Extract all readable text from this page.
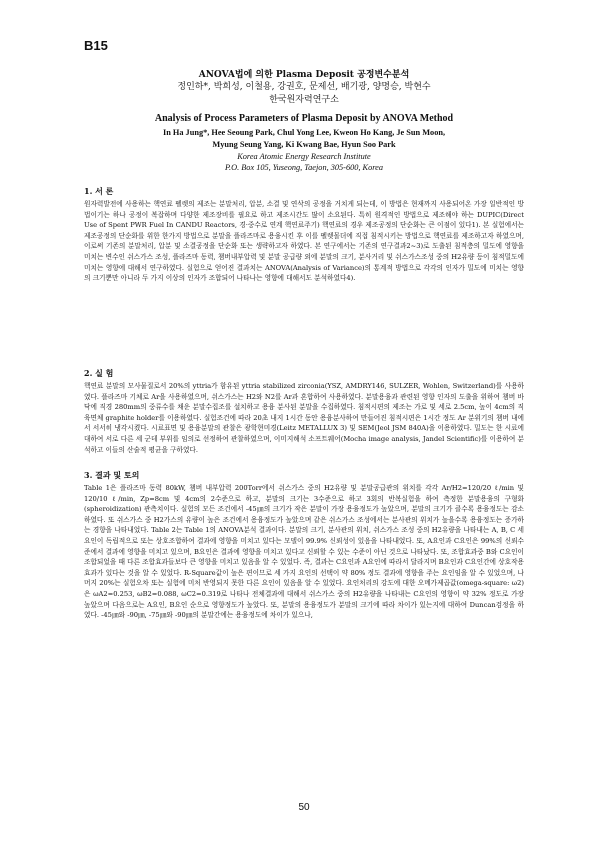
B15
ANOVA법에 의한 Plasma Deposit 공정변수분석
정인하*, 박희성, 이철용, 강권호, 문제선, 배기광, 양명승, 박현수
한국원자력연구소
Analysis of Process Parameters of Plasma Deposit by ANOVA Method
In Ha Jung*, Hee Seoung Park, Chul Yong Lee, Kweon Ho Kang, Je Sun Moon,
Myung Seung Yang, Ki Kwang Bae, Hyun Soo Park
Korea Atomic Energy Research Institute
P.O. Box 105, Yuseong, Taejon, 305-600, Korea
1. 서 론
원자력발전에 사용하는 핵연료 펠렛의 제조는 분말처리, 압분, 소결 및 연삭의 공정을 거치게 되는데, 이 방법은 현재까지 사용되어온 가장 일반적인 방법이기는 하나 공정이 복잡하며 다양한 제조장비를 필요로 하고 제조시간도 많이 소요된다. 특히 원격적인 방법으로 제조해야 하는 DUPIC(Direct Use of Spent PWR Fuel In CANDU Reactors, 경·중수로 연계 핵연료주기) 핵연료의 경우 제조공정의 단순화는 큰 이점이 있다1). 본 실험에서는 제조공정의 단순화를 위한 한가지 방법으로 분말을 플라즈마로 용융시킨 후 이를 펠렛몰더에 직접 침적시키는 방법으로 핵연료를 제조하고자 하였으며, 이로써 기존의 분말처리, 압분 및 소결공정을 단순화 또는 생략하고자 하였다. 본 연구에서는 기존의 연구결과2~3)로 도출된 침적층의 밀도에 영향을 미치는 변수인 쉬스가스 조성, 플라즈마 동력, 챔버내부압력 및 분말 공급량 외에 분말의 크기, 분사거리 및 쉬스가스조성 중의 H2유량 등이 침적밀도에 미치는 영향에 대해서 연구하였다. 실험으로 얻어진 결과치는 ANOVA(Analysis of Variance)의 통계적 방법으로 각각의 인자가 밀도에 미치는 영향의 크기뿐만 아니라 두 가지 이상의 인자가 조합되어 나타나는 영향에 대해서도 분석하였다4).
2. 실 험
핵연료 분말의 모사물질로서 20%의 yttria가 함유된 yttria stabilized zirconia(YSZ, AMDRY146, SULZER, Wohlen, Switzerland)를 사용하였다. 플라즈마 기체로 Ar을 사용하였으며, 쉬스가스는 H2와 N2를 Ar과 혼합하여 사용하였다. 분말용융과 관련된 영향 인자의 도출을 위하여 챔버 바닥에 직경 280mm의 중류수를 채운 분말수집조를 설치하고 용융 분사된 분말을 수집하였다. 침적시편의 제조는 가로 및 세로 2.5cm, 높이 4cm의 직육면체 graphite holder를 이용하였다. 실험조건에 따라 20초 내지 1시간 동안 용융분사하여 만들어진 침적시편은 1시간 정도 Ar 분위기의 챔버 내에서 서서히 냉각시켰다. 시료표면 및 용융분말의 관찰은 광학현미경(Leitz METALLUX 3) 및 SEM(Jeol JSM 840A)을 이용하였다. 밀도는 한 시료에 대하여 서로 다른 세 군데 부위를 임의로 선정하여 관찰하였으며, 이미지해석 소프트웨어(Mocha image analysis, Jandel Scientific)를 이용하여 분석하고 이들의 산술적 평균을 구하였다.
3. 결과 및 토의
Table 1은 플라즈마 동력 80kW, 챔버 내부압력 200Torr에서 쉬스가스 중의 H2유량 및 분말공급관의 위치를 각각 Ar/H2=120/20 ℓ/min 및 120/10 ℓ/min, Zp=8cm 및 4cm의 2수준으로 하고, 분말의 크기는 3수준으로 하고 3회의 반복실험을 하여 측정한 분말용융의 구형화(spheroidization) 관측치이다. 실험의 모든 조건에서 -45㎛의 크기가 작은 분말이 가장 용융정도가 높았으며, 분말의 크기가 클수록 용융정도는 감소하였다. 또 쉬스가스 중 H2가스의 유량이 높은 조건에서 용융정도가 높았으며 같은 쉬스가스 조성에서는 분사관의 위치가 높을수록 용융정도는 증가하는 경향을 나타내었다. Table 2는 Table 1의 ANOVA분석 결과이다. 분말의 크기, 분사관의 위치, 쉬스가스 조성 중의 H2유량을 나타내는 A, B, C 세 요인이 독립적으로 또는 상호조합하여 결과에 영향을 미치고 있다는 모델이 99.9% 신뢰성이 있음을 나타내었다. 또, A요인과 C요인은 99%의 신뢰수준에서 결과에 영향을 미치고 있으며, B요인은 결과에 영향을 미치고 있다고 신뢰할 수 있는 수준이 아닌 것으로 나타났다. 또, 조합효과중 B와 C요인이 조합되었을 때 다른 조합효과들보다 큰 영향을 미치고 있음을 알 수 있었다. 즉, 결과는 C요인과 A요인에 따라서 달라지며 B요인과 C요인간에 상호작용효과가 있다는 것을 알 수 있었다. R-Square값이 높은 편이므로 세 가지 요인의 선택이 약 80% 정도 결과에 영향을 주는 요인임을 알 수 있었으며, 나머지 20%는 실험오차 또는 실험에 미처 반영되지 못한 다른 요인이 있음을 알 수 있었다. 요인처리의 강도에 대한 오메가제곱값(omega-square: ω2)은 ωA2=0.253, ωB2=0.088, ωC2=0.319로 나타나 전체결과에 대해서 쉬스가스 중의 H2유량을 나타내는 C요인의 영향이 약 32% 정도로 가장 높았으며 다음으로는 A요인, B요인 순으로 영향정도가 높았다. 또, 분말의 용융정도가 분말의 크기에 따라 차이가 있는지에 대하여 Duncan검정을 하였다. -45㎛와 -90㎛, -75㎛와 -90㎛의 분말간에는 용융정도에 차이가 있으나,
50
